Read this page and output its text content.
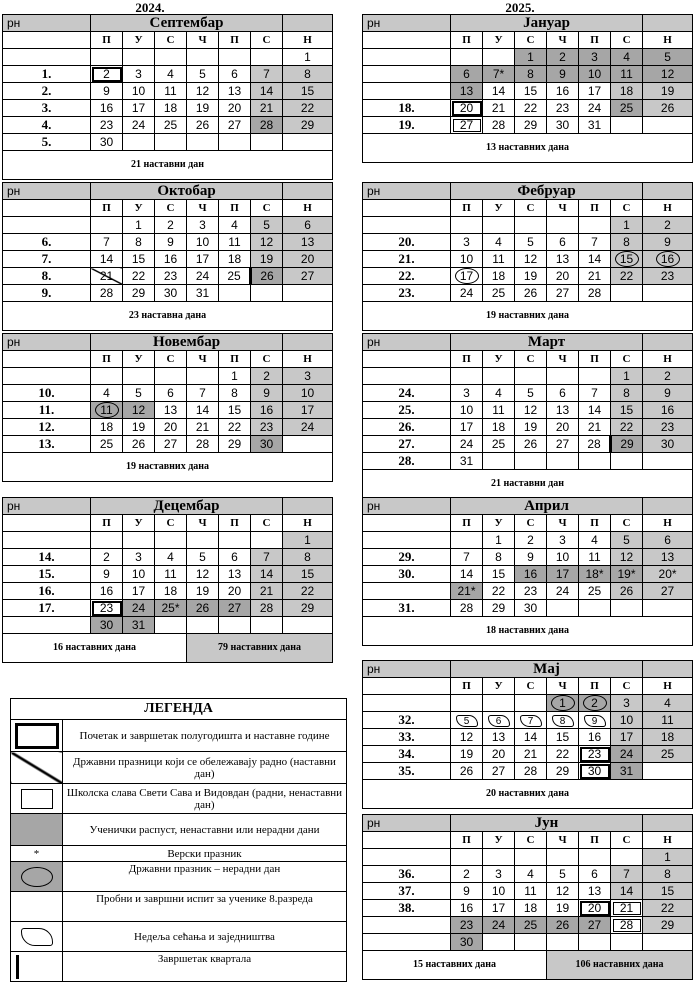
2024.	2025.
рн	Септембар						
	П	У	С	Ч	П	С	Н
							1
1.	2	3	4	5	6	7	8
2.	9	10	11	12	13	14	15
3.	16	17	18	19	20	21	22
4.	23	24	25	26	27	28	29
5.	30						
21 наставни дан							
рн	Октобар						
	П	У	С	Ч	П	С	Н
		1	2	3	4	5	6
6.	7	8	9	10	11	12	13
7.	14	15	16	17	18	19	20
8.	21	22	23	24	25	26	27
9.	28	29	30	31			
23 наставна дана							
рн	Новембар						
	П	У	С	Ч	П	С	Н
					1	2	3
10.	4	5	6	7	8	9	10
11.	11	12	13	14	15	16	17
12.	18	19	20	21	22	23	24
13.	25	26	27	28	29	30	
19 наставних дана							
рн	Децембар						
	П	У	С	Ч	П	С	Н
							1
14.	2	3	4	5	6	7	8
15.	9	10	11	12	13	14	15
16.	16	17	18	19	20	21	22
17.	23	24	25*	26	27	28	29
	30	31					
16 наставних дана				79 наставних дана			
рн	Јануар						
	П	У	С	Ч	П	С	Н
			1	2	3	4	5
	6	7*	8	9	10	11	12
	13	14	15	16	17	18	19
18.	20	21	22	23	24	25	26
19.	27	28	29	30	31		
13 наставних дана							
рн	Фебруар						
	П	У	С	Ч	П	С	Н
						1	2
20.	3	4	5	6	7	8	9
21.	10	11	12	13	14	15	16
22.	17	18	19	20	21	22	23
23.	24	25	26	27	28		
19 наставних дана							
рн	Март						
	П	У	С	Ч	П	С	Н
						1	2
24.	3	4	5	6	7	8	9
25.	10	11	12	13	14	15	16
26.	17	18	19	20	21	22	23
27.	24	25	26	27	28	29	30
28.	31						
21 наставни дан							
рн	Април						
	П	У	С	Ч	П	С	Н
		1	2	3	4	5	6
29.	7	8	9	10	11	12	13
30.	14	15	16	17	18*	19*	20*
	21*	22	23	24	25	26	27
31.	28	29	30				
18 наставних дана							
рн	Мај						
	П	У	С	Ч	П	С	Н
				1	2	3	4
32.	5	6	7	8	9	10	11
33.	12	13	14	15	16	17	18
34.	19	20	21	22	23	24	25
35.	26	27	28	29	30	31	
20 наставних дана							
рн	Јун						
	П	У	С	Ч	П	С	Н
							1
36.	2	3	4	5	6	7	8
37.	9	10	11	12	13	14	15
38.	16	17	18	19	20	21	22
	23	24	25	26	27	28	29
	30						
15 наставних дана				106 наставних дана			
ЛЕГЕНДА	

	Почетак и завршетак полугодишта и наставне године
	Државни празници који се обележавају радно (наставни дан)

	Школска слава Свети Сава и Видовдан (радни, ненаставни дан)
	Ученички распуст, ненаставни или нерадни дани
*	Верски празник

	Државни празник – нерадни дан
	Пробни и завршни испит за ученике 8.разреда

	Недеља сећања и заједништва

	Завршетак квартала
